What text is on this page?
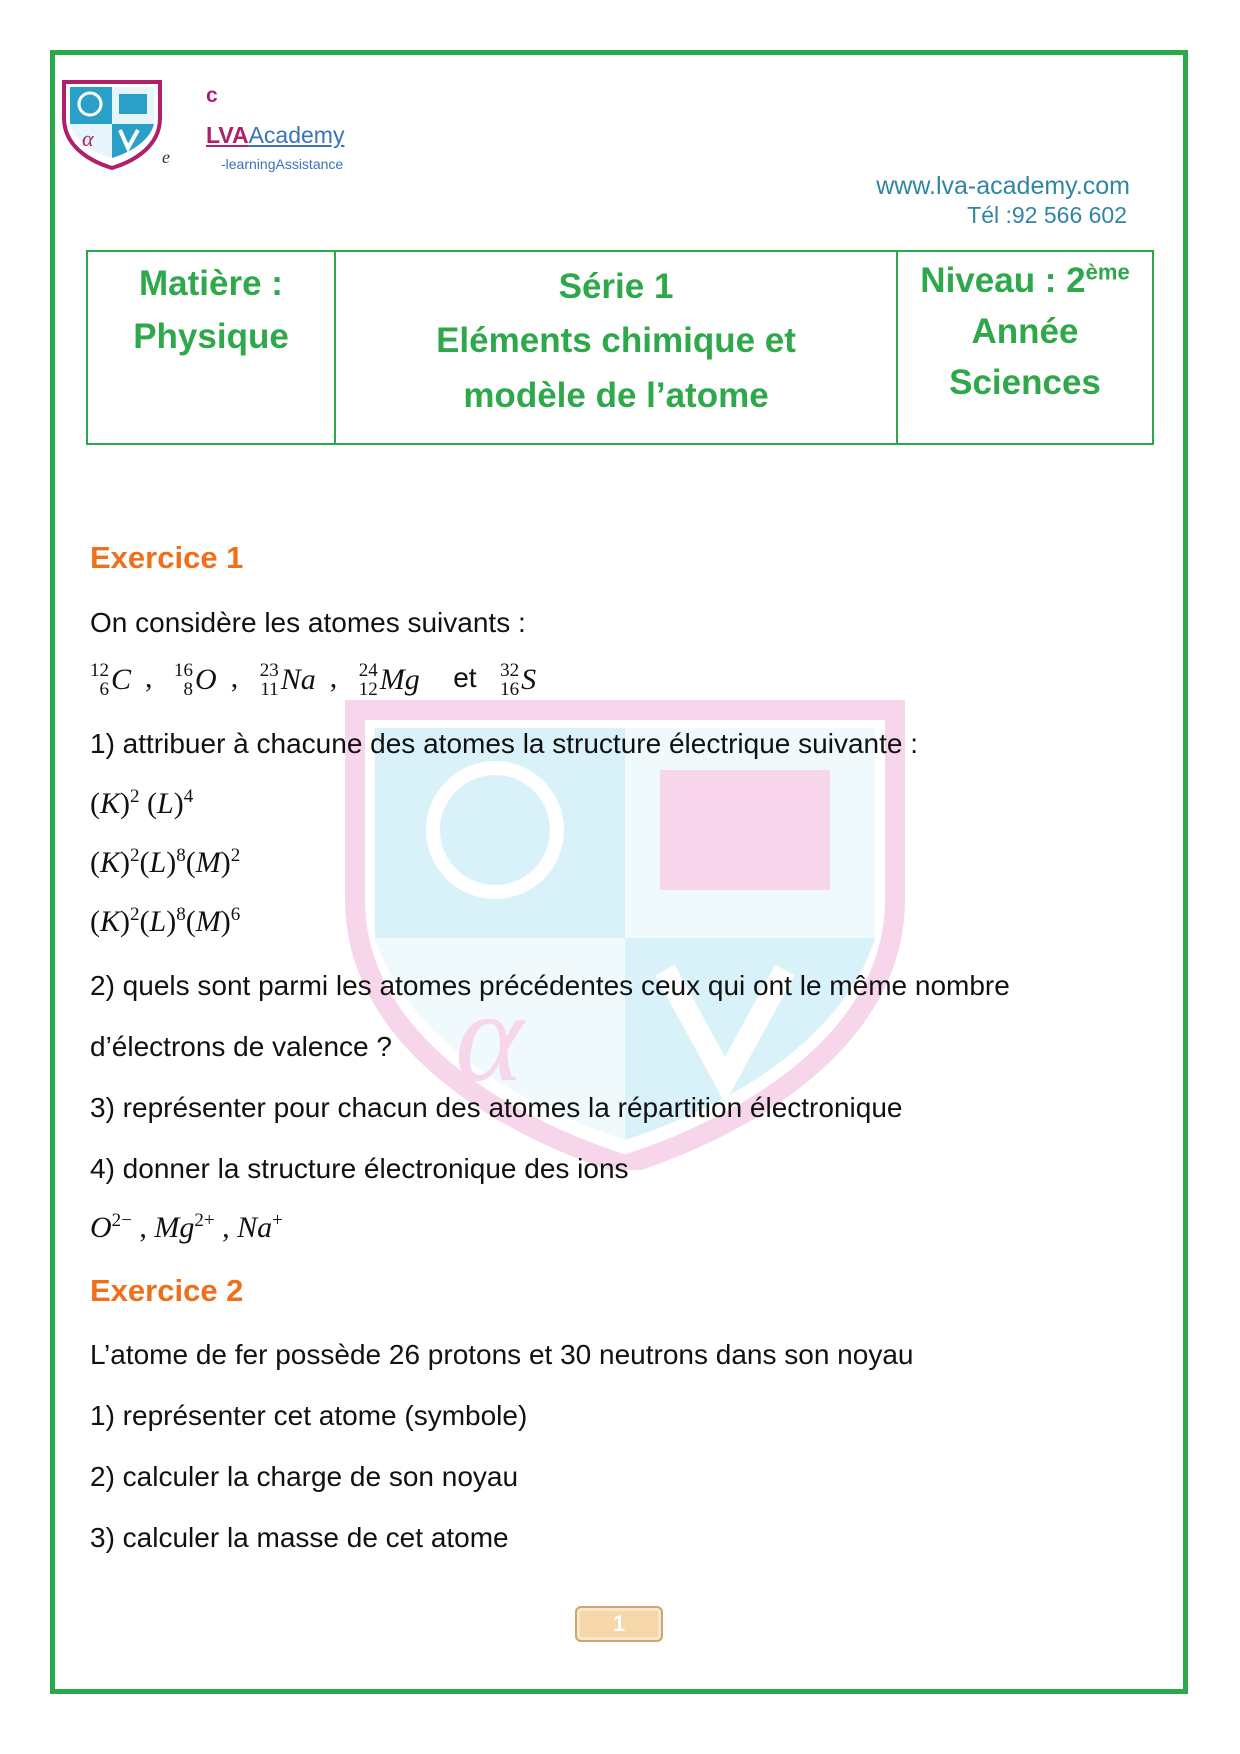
α
c
LVAAcademy
e	-learningAssistance
www.lva-academy.com
Tél :92 566 602
Matière :
Physique
Série 1
Eléments chimique et
modèle de l’atome
Niveau : 2ème
Année
Sciences
α
Exercice 1
On considère les atomes suivants :
12
6 C , 16
8 O , 23
11 Na , 24
12 Mg et 32
16 S
1) attribuer à chacune des atomes la structure électrique suivante :
$(K)^2$ $(L)^4$
$(K)^2(L)^8(M)^2$
$(K)^2(L)^8(M)^6$
2) quels sont parmi les atomes précédentes ceux qui ont le même nombre
d’électrons de valence ?
3) représenter pour chacun des atomes la répartition électronique
4) donner la structure électronique des ions
$O^{2-}$ , $Mg^{2+}$ , Na+
Exercice 2
L’atome de fer possède 26 protons et 30 neutrons dans son noyau
1) représenter cet atome (symbole)
2) calculer la charge de son noyau
3) calculer la masse de cet atome
1
